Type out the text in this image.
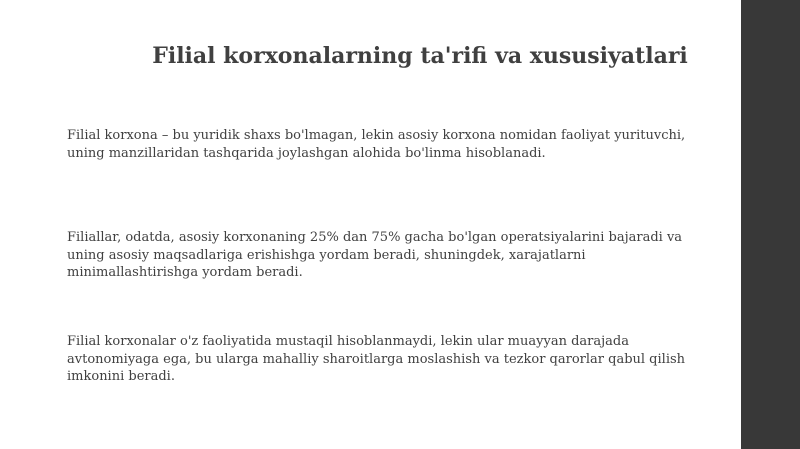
Filial korxonalarning ta'rifi va xususiyatlari
Filial korxona – bu yuridik shaxs bo'lmagan, lekin asosiy korxona nomidan faoliyat yurituvchi,
uning manzillaridan tashqarida joylashgan alohida bo'linma hisoblanadi.
Filiallar, odatda, asosiy korxonaning 25% dan 75% gacha bo'lgan operatsiyalarini bajaradi va
uning asosiy maqsadlariga erishishga yordam beradi, shuningdek, xarajatlarni
minimallashtirishga yordam beradi.
Filial korxonalar o'z faoliyatida mustaqil hisoblanmaydi, lekin ular muayyan darajada
avtonomiyaga ega, bu ularga mahalliy sharoitlarga moslashish va tezkor qarorlar qabul qilish
imkonini beradi.
